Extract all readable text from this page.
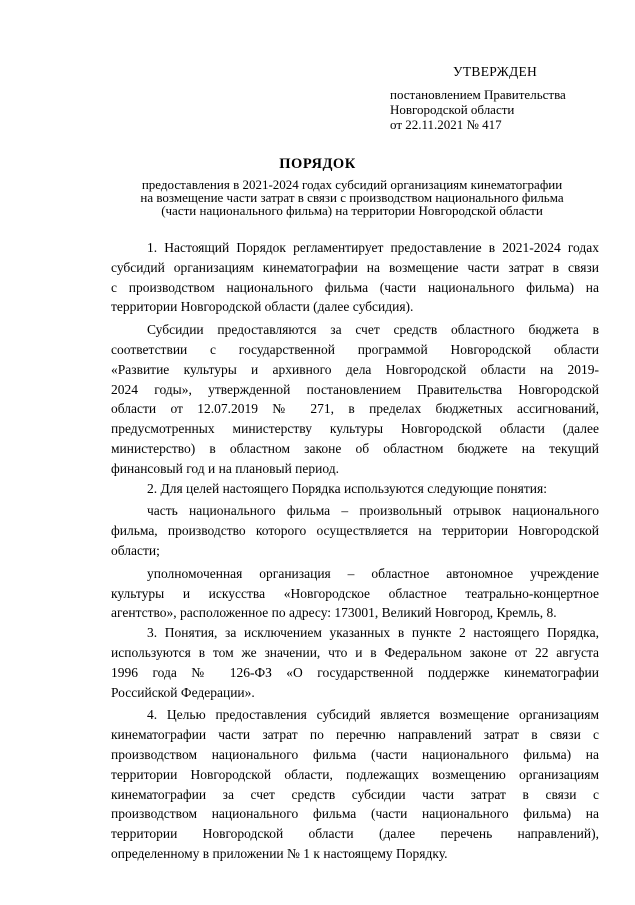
УТВЕРЖДЕН
постановлением Правительства
Новгородской области
от 22.11.2021 № 417
ПОРЯДОК
предоставления в 2021-2024 годах субсидий организациям кинематографии
на возмещение части затрат в связи с производством национального фильма
(части национального фильма) на территории Новгородской области
1. Настоящий Порядок регламентирует предоставление в 2021-2024 годах
субсидий организациям кинематографии на возмещение части затрат в связи
с производством национального фильма (части национального фильма) на
территории Новгородской области (далее субсидия).
Субсидии предоставляются за счет средств областного бюджета в
соответствии с государственной программой Новгородской области
«Развитие культуры и архивного дела Новгородской области на 2019-
2024 годы», утвержденной постановлением Правительства Новгородской
области от 12.07.2019 № 271, в пределах бюджетных ассигнований,
предусмотренных министерству культуры Новгородской области (далее
министерство) в областном законе об областном бюджете на текущий
финансовый год и на плановый период.
2. Для целей настоящего Порядка используются следующие понятия:
часть национального фильма – произвольный отрывок национального
фильма, производство которого осуществляется на территории Новгородской
области;
уполномоченная организация – областное автономное учреждение
культуры и искусства «Новгородское областное театрально-концертное
агентство», расположенное по адресу: 173001, Великий Новгород, Кремль, 8.
3. Понятия, за исключением указанных в пункте 2 настоящего Порядка,
используются в том же значении, что и в Федеральном законе от 22 августа
1996 года № 126-ФЗ «О государственной поддержке кинематографии
Российской Федерации».
4. Целью предоставления субсидий является возмещение организациям
кинематографии части затрат по перечню направлений затрат в связи с
производством национального фильма (части национального фильма) на
территории Новгородской области, подлежащих возмещению организациям
кинематографии за счет средств субсидии части затрат в связи с
производством национального фильма (части национального фильма) на
территории Новгородской области (далее перечень направлений),
определенному в приложении № 1 к настоящему Порядку.
